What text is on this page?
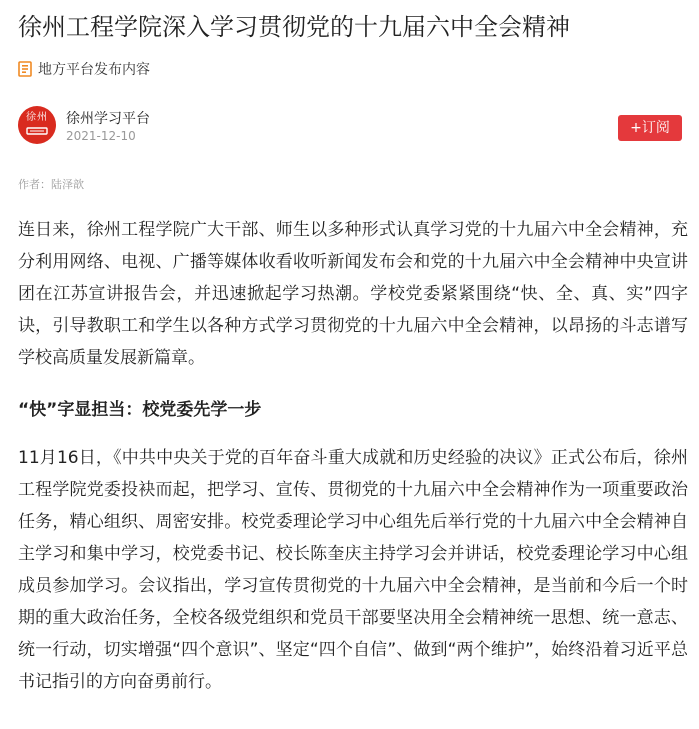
徐州工程学院深入学习贯彻党的十九届六中全会精神
地方平台发布内容
徐州	徐州学习平台
2021-12-10	+订阅
作者：陆泽歆

连日来，徐州工程学院广大干部、师生以多种形式认真学习党的十九届六中全会精神，充分利用网络、电视、广播等媒体收看收听新闻发布会和党的十九届六中全会精神中央宣讲团在江苏宣讲报告会，并迅速掀起学习热潮。学校党委紧紧围绕“快、全、真、实”四字诀，引导教职工和学生以各种方式学习贯彻党的十九届六中全会精神，以昂扬的斗志谱写学校高质量发展新篇章。

“快”字显担当：校党委先学一步

11月16日，《中共中央关于党的百年奋斗重大成就和历史经验的决议》正式公布后，徐州工程学院党委投袂而起，把学习、宣传、贯彻党的十九届六中全会精神作为一项重要政治任务，精心组织、周密安排。校党委理论学习中心组先后举行党的十九届六中全会精神自主学习和集中学习，校党委书记、校长陈奎庆主持学习会并讲话，校党委理论学习中心组成员参加学习。会议指出，学习宣传贯彻党的十九届六中全会精神，是当前和今后一个时期的重大政治任务，全校各级党组织和党员干部要坚决用全会精神统一思想、统一意志、统一行动，切实增强“四个意识”、坚定“四个自信”、做到“两个维护”，始终沿着习近平总书记指引的方向奋勇前行。
